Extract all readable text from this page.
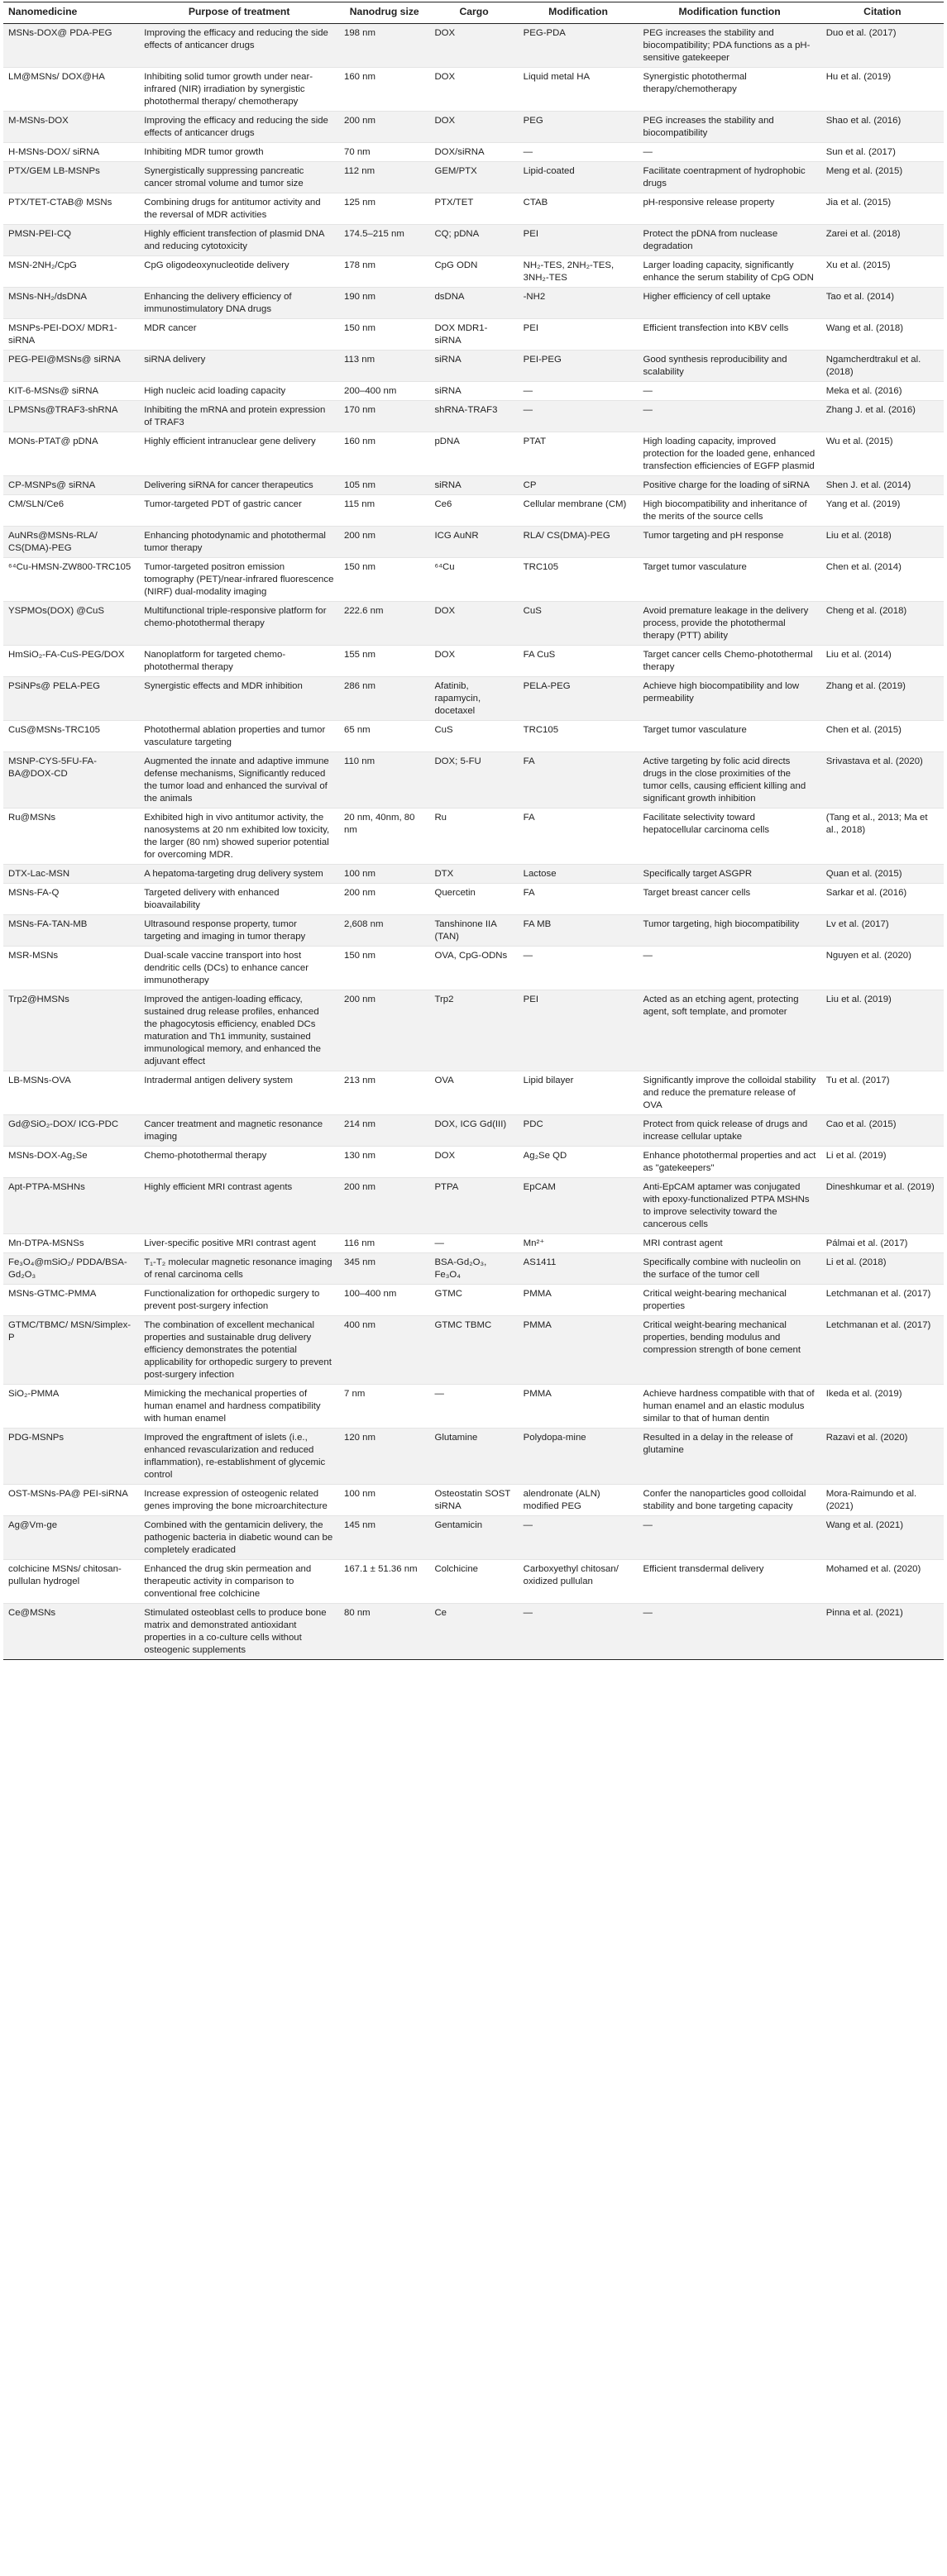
Nanomedicine	Purpose of treatment	Nanodrug size	Cargo	Modification	Modification function	Citation
MSNs-DOX@ PDA-PEG	Improving the efficacy and reducing the side effects of anticancer drugs	198 nm	DOX	PEG-PDA	PEG increases the stability and biocompatibility; PDA functions as a pH-sensitive gatekeeper	Duo et al. (2017)
LM@MSNs/ DOX@HA	Inhibiting solid tumor growth under near-infrared (NIR) irradiation by synergistic photothermal therapy/ chemotherapy	160 nm	DOX	Liquid metal HA	Synergistic photothermal therapy/chemotherapy	Hu et al. (2019)
M-MSNs-DOX	Improving the efficacy and reducing the side effects of anticancer drugs	200 nm	DOX	PEG	PEG increases the stability and biocompatibility	Shao et al. (2016)
H-MSNs-DOX/ siRNA	Inhibiting MDR tumor growth	70 nm	DOX/siRNA	—	—	Sun et al. (2017)
PTX/GEM LB-MSNPs	Synergistically suppressing pancreatic cancer stromal volume and tumor size	112 nm	GEM/PTX	Lipid-coated	Facilitate coentrapment of hydrophobic drugs	Meng et al. (2015)
PTX/TET-CTAB@ MSNs	Combining drugs for antitumor activity and the reversal of MDR activities	125 nm	PTX/TET	CTAB	pH-responsive release property	Jia et al. (2015)
PMSN-PEI-CQ	Highly efficient transfection of plasmid DNA and reducing cytotoxicity	174.5–215 nm	CQ; pDNA	PEI	Protect the pDNA from nuclease degradation	Zarei et al. (2018)
MSN-2NH₂/CpG	CpG oligodeoxynucleotide delivery	178 nm	CpG ODN	NH₂-TES, 2NH₂-TES, 3NH₂-TES	Larger loading capacity, significantly enhance the serum stability of CpG ODN	Xu et al. (2015)
MSNs-NH₂/dsDNA	Enhancing the delivery efficiency of immunostimulatory DNA drugs	190 nm	dsDNA	-NH2	Higher efficiency of cell uptake	Tao et al. (2014)
MSNPs-PEI-DOX/ MDR1-siRNA	MDR cancer	150 nm	DOX MDR1-siRNA	PEI	Efficient transfection into KBV cells	Wang et al. (2018)
PEG-PEI@MSNs@ siRNA	siRNA delivery	113 nm	siRNA	PEI-PEG	Good synthesis reproducibility and scalability	Ngamcherdtrakul et al. (2018)
KIT-6-MSNs@ siRNA	High nucleic acid loading capacity	200–400 nm	siRNA	—	—	Meka et al. (2016)
LPMSNs@TRAF3-shRNA	Inhibiting the mRNA and protein expression of TRAF3	170 nm	shRNA-TRAF3	—	—	Zhang J. et al. (2016)
MONs-PTAT@ pDNA	Highly efficient intranuclear gene delivery	160 nm	pDNA	PTAT	High loading capacity, improved protection for the loaded gene, enhanced transfection efficiencies of EGFP plasmid	Wu et al. (2015)
CP-MSNPs@ siRNA	Delivering siRNA for cancer therapeutics	105 nm	siRNA	CP	Positive charge for the loading of siRNA	Shen J. et al. (2014)
CM/SLN/Ce6	Tumor-targeted PDT of gastric cancer	115 nm	Ce6	Cellular membrane (CM)	High biocompatibility and inheritance of the merits of the source cells	Yang et al. (2019)
AuNRs@MSNs-RLA/ CS(DMA)-PEG	Enhancing photodynamic and photothermal tumor therapy	200 nm	ICG AuNR	RLA/ CS(DMA)-PEG	Tumor targeting and pH response	Liu et al. (2018)
⁶⁴Cu-HMSN-ZW800-TRC105	Tumor-targeted positron emission tomography (PET)/near-infrared fluorescence (NIRF) dual-modality imaging	150 nm	⁶⁴Cu	TRC105	Target tumor vasculature	Chen et al. (2014)
YSPMOs(DOX) @CuS	Multifunctional triple-responsive platform for chemo-photothermal therapy	222.6 nm	DOX	CuS	Avoid premature leakage in the delivery process, provide the photothermal therapy (PTT) ability	Cheng et al. (2018)
HmSiO₂-FA-CuS-PEG/DOX	Nanoplatform for targeted chemo-photothermal therapy	155 nm	DOX	FA CuS	Target cancer cells Chemo-photothermal therapy	Liu et al. (2014)
PSiNPs@ PELA-PEG	Synergistic effects and MDR inhibition	286 nm	Afatinib, rapamycin, docetaxel	PELA-PEG	Achieve high biocompatibility and low permeability	Zhang et al. (2019)
CuS@MSNs-TRC105	Photothermal ablation properties and tumor vasculature targeting	65 nm	CuS	TRC105	Target tumor vasculature	Chen et al. (2015)
MSNP-CYS-5FU-FA-BA@DOX-CD	Augmented the innate and adaptive immune defense mechanisms, Significantly reduced the tumor load and enhanced the survival of the animals	110 nm	DOX; 5-FU	FA	Active targeting by folic acid directs drugs in the close proximities of the tumor cells, causing efficient killing and significant growth inhibition	Srivastava et al. (2020)
Ru@MSNs	Exhibited high in vivo antitumor activity, the nanosystems at 20 nm exhibited low toxicity, the larger (80 nm) showed superior potential for overcoming MDR.	20 nm, 40nm, 80 nm	Ru	FA	Facilitate selectivity toward hepatocellular carcinoma cells	(Tang et al., 2013; Ma et al., 2018)
DTX-Lac-MSN	A hepatoma-targeting drug delivery system	100 nm	DTX	Lactose	Specifically target ASGPR	Quan et al. (2015)
MSNs-FA-Q	Targeted delivery with enhanced bioavailability	200 nm	Quercetin	FA	Target breast cancer cells	Sarkar et al. (2016)
MSNs-FA-TAN-MB	Ultrasound response property, tumor targeting and imaging in tumor therapy	2,608 nm	Tanshinone IIA (TAN)	FA MB	Tumor targeting, high biocompatibility	Lv et al. (2017)
MSR-MSNs	Dual-scale vaccine transport into host dendritic cells (DCs) to enhance cancer immunotherapy	150 nm	OVA, CpG-ODNs	—	—	Nguyen et al. (2020)
Trp2@HMSNs	Improved the antigen-loading efficacy, sustained drug release profiles, enhanced the phagocytosis efficiency, enabled DCs maturation and Th1 immunity, sustained immunological memory, and enhanced the adjuvant effect	200 nm	Trp2	PEI	Acted as an etching agent, protecting agent, soft template, and promoter	Liu et al. (2019)
LB-MSNs-OVA	Intradermal antigen delivery system	213 nm	OVA	Lipid bilayer	Significantly improve the colloidal stability and reduce the premature release of OVA	Tu et al. (2017)
Gd@SiO₂-DOX/ ICG-PDC	Cancer treatment and magnetic resonance imaging	214 nm	DOX, ICG Gd(III)	PDC	Protect from quick release of drugs and increase cellular uptake	Cao et al. (2015)
MSNs-DOX-Ag₂Se	Chemo-photothermal therapy	130 nm	DOX	Ag₂Se QD	Enhance photothermal properties and act as "gatekeepers"	Li et al. (2019)
Apt-PTPA-MSHNs	Highly efficient MRI contrast agents	200 nm	PTPA	EpCAM	Anti-EpCAM aptamer was conjugated with epoxy-functionalized PTPA MSHNs to improve selectivity toward the cancerous cells	Dineshkumar et al. (2019)
Mn-DTPA-MSNSs	Liver-specific positive MRI contrast agent	116 nm	—	Mn²⁺	MRI contrast agent	Pálmai et al. (2017)
Fe₃O₄@mSiO₂/ PDDA/BSA-Gd₂O₃	T₁-T₂ molecular magnetic resonance imaging of renal carcinoma cells	345 nm	BSA-Gd₂O₃, Fe₃O₄	AS1411	Specifically combine with nucleolin on the surface of the tumor cell	Li et al. (2018)
MSNs-GTMC-PMMA	Functionalization for orthopedic surgery to prevent post-surgery infection	100–400 nm	GTMC	PMMA	Critical weight-bearing mechanical properties	Letchmanan et al. (2017)
GTMC/TBMC/ MSN/Simplex-P	The combination of excellent mechanical properties and sustainable drug delivery efficiency demonstrates the potential applicability for orthopedic surgery to prevent post-surgery infection	400 nm	GTMC TBMC	PMMA	Critical weight-bearing mechanical properties, bending modulus and compression strength of bone cement	Letchmanan et al. (2017)
SiO₂-PMMA	Mimicking the mechanical properties of human enamel and hardness compatibility with human enamel	7 nm	—	PMMA	Achieve hardness compatible with that of human enamel and an elastic modulus similar to that of human dentin	Ikeda et al. (2019)
PDG-MSNPs	Improved the engraftment of islets (i.e., enhanced revascularization and reduced inflammation), re-establishment of glycemic control	120 nm	Glutamine	Polydopa-mine	Resulted in a delay in the release of glutamine	Razavi et al. (2020)
OST-MSNs-PA@ PEI-siRNA	Increase expression of osteogenic related genes improving the bone microarchitecture	100 nm	Osteostatin SOST siRNA	alendronate (ALN) modified PEG	Confer the nanoparticles good colloidal stability and bone targeting capacity	Mora-Raimundo et al. (2021)
Ag@Vm-ge	Combined with the gentamicin delivery, the pathogenic bacteria in diabetic wound can be completely eradicated	145 nm	Gentamicin	—	—	Wang et al. (2021)
colchicine MSNs/ chitosan-pullulan hydrogel	Enhanced the drug skin permeation and therapeutic activity in comparison to conventional free colchicine	167.1 ± 51.36 nm	Colchicine	Carboxyethyl chitosan/ oxidized pullulan	Efficient transdermal delivery	Mohamed et al. (2020)
Ce@MSNs	Stimulated osteoblast cells to produce bone matrix and demonstrated antioxidant properties in a co-culture cells without osteogenic supplements	80 nm	Ce	—	—	Pinna et al. (2021)
